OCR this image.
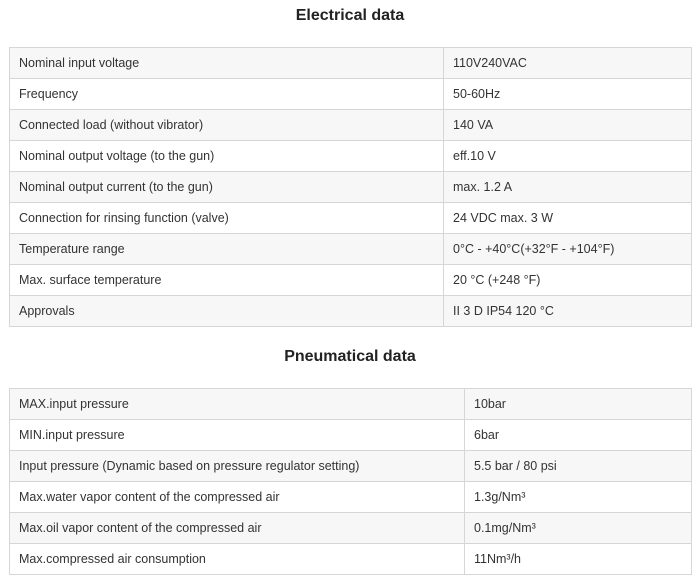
Electrical data
Nominal input voltage	110V240VAC
Frequency	50-60Hz
Connected load (without vibrator)	140 VA
Nominal output voltage (to the gun)	eff.10 V
Nominal output current (to the gun)	max. 1.2 A
Connection for rinsing function (valve)	24 VDC max. 3 W
Temperature range	0°C - +40°C(+32°F - +104°F)
Max. surface temperature	20 °C (+248 °F)
Approvals	II 3 D IP54 120 °C
Pneumatical data
MAX.input pressure	10bar
MIN.input pressure	6bar
Input pressure (Dynamic based on pressure regulator setting)	5.5 bar / 80 psi
Max.water vapor content of the compressed air	1.3g/Nm³
Max.oil vapor content of the compressed air	0.1mg/Nm³
Max.compressed air consumption	11Nm³/h
